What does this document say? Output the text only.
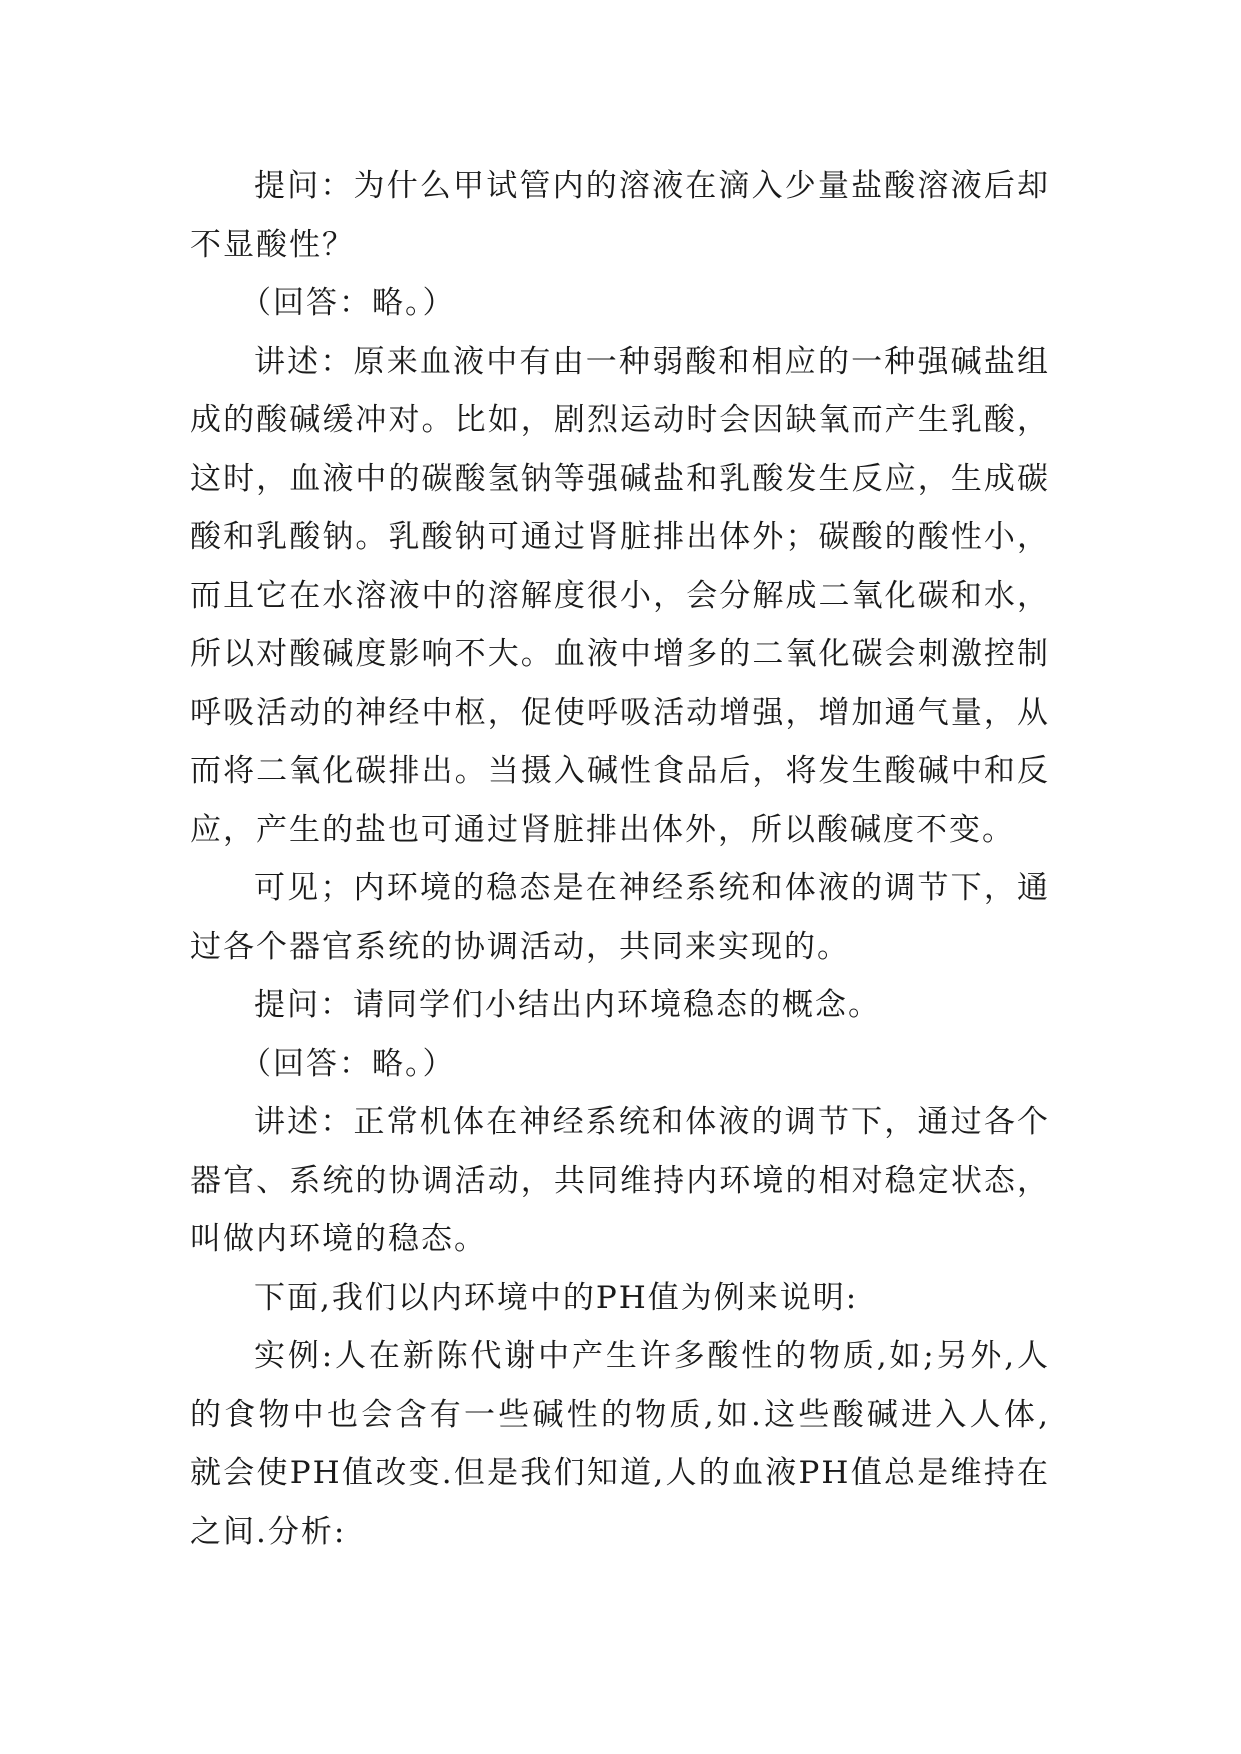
提问：为什么甲试管内的溶液在滴入少量盐酸溶液后却不显酸性？

（回答：略。）

讲述：原来血液中有由一种弱酸和相应的一种强碱盐组成的酸碱缓冲对。比如，剧烈运动时会因缺氧而产生乳酸，这时，血液中的碳酸氢钠等强碱盐和乳酸发生反应，生成碳酸和乳酸钠。乳酸钠可通过肾脏排出体外；碳酸的酸性小，而且它在水溶液中的溶解度很小，会分解成二氧化碳和水，所以对酸碱度影响不大。血液中增多的二氧化碳会刺激控制呼吸活动的神经中枢，促使呼吸活动增强，增加通气量，从而将二氧化碳排出。当摄入碱性食品后，将发生酸碱中和反应，产生的盐也可通过肾脏排出体外，所以酸碱度不变。

可见；内环境的稳态是在神经系统和体液的调节下，通过各个器官系统的协调活动，共同来实现的。

提问：请同学们小结出内环境稳态的概念。

（回答：略。）

讲述：正常机体在神经系统和体液的调节下，通过各个器官、系统的协调活动，共同维持内环境的相对稳定状态，叫做内环境的稳态。

下面,我们以内环境中的PH值为例来说明:

实例:人在新陈代谢中产生许多酸性的物质,如;另外,人的食物中也会含有一些碱性的物质,如.这些酸碱进入人体,就会使PH值改变.但是我们知道,人的血液PH值总是维持在之间.分析:
